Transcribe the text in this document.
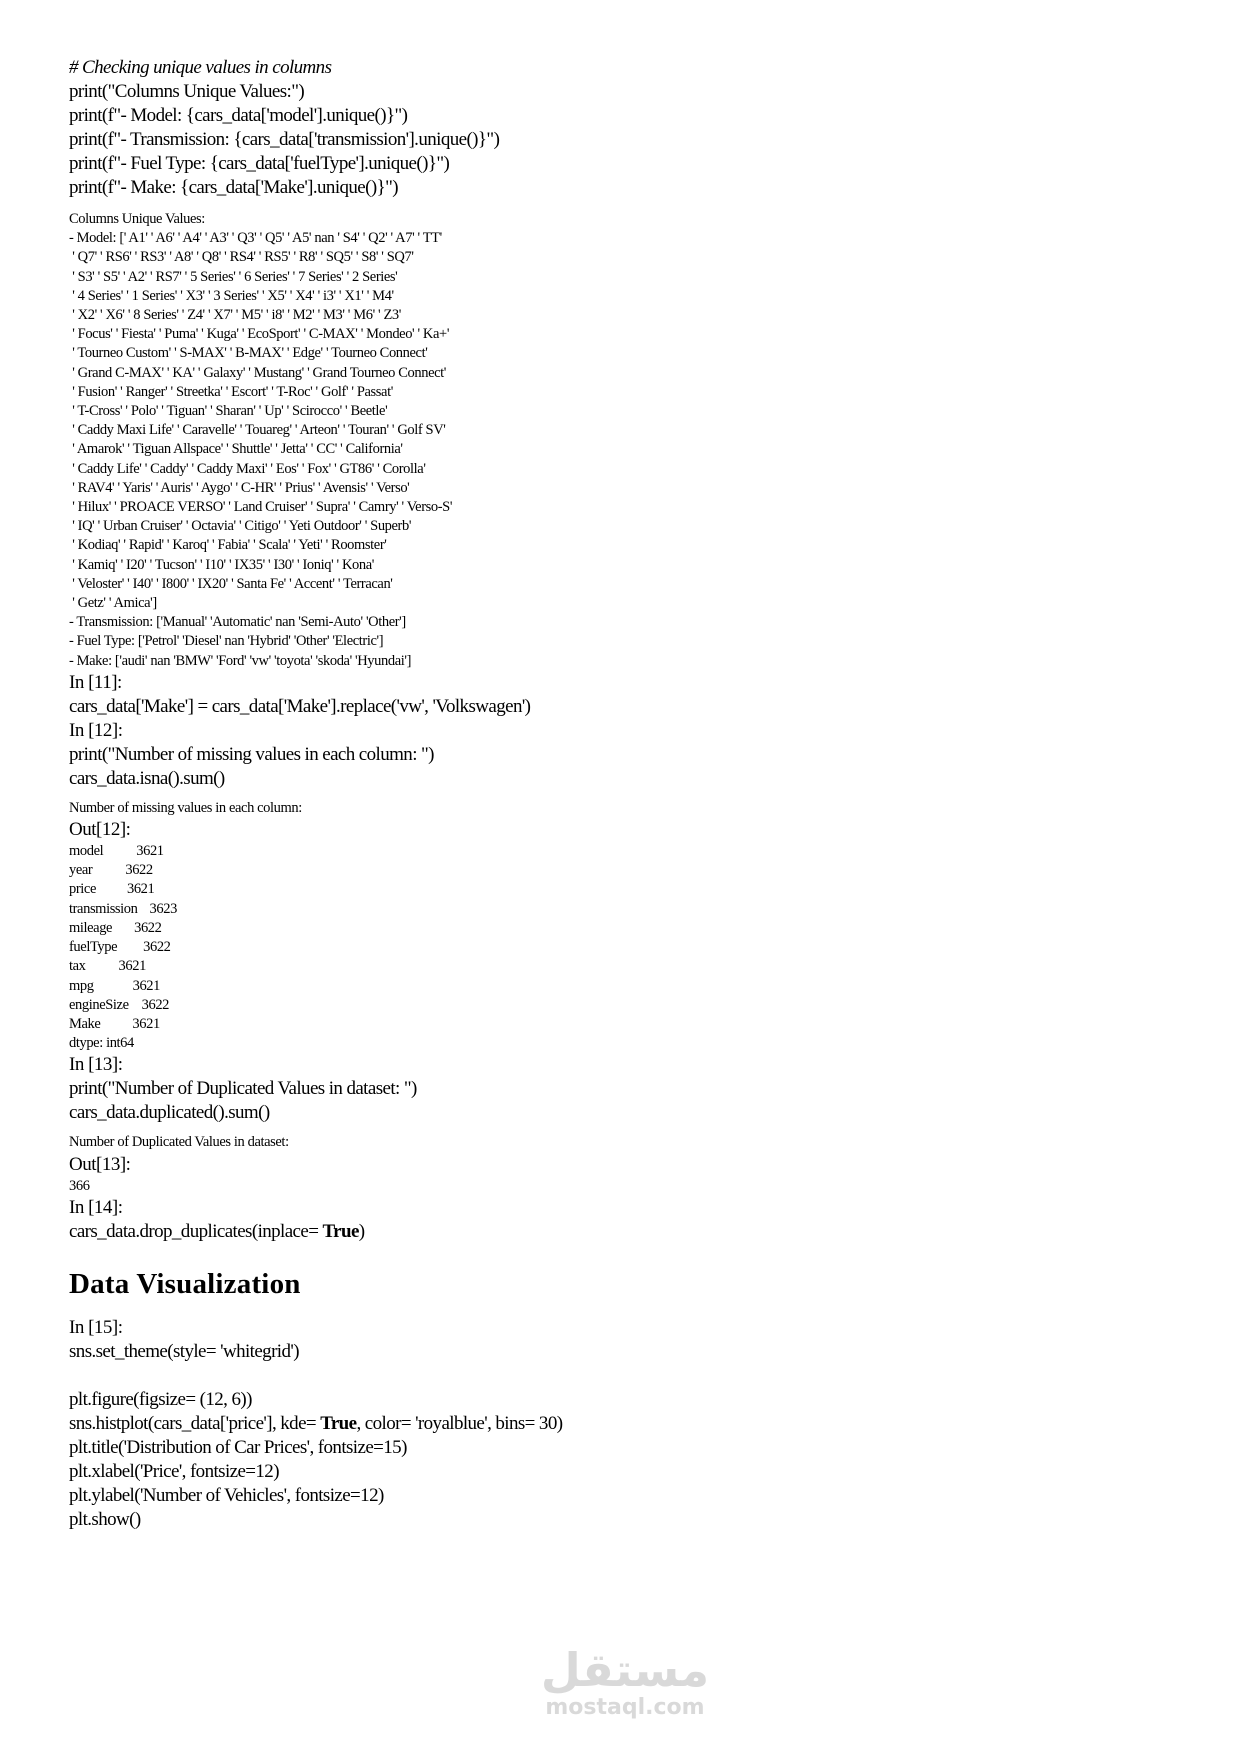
# Checking unique values in columns

print("Columns Unique Values:")

print(f"- Model: {cars_data['model'].unique()}")

print(f"- Transmission: {cars_data['transmission'].unique()}")

print(f"- Fuel Type: {cars_data['fuelType'].unique()}")

print(f"- Make: {cars_data['Make'].unique()}")

Columns Unique Values:

- Model: [' A1' ' A6' ' A4' ' A3' ' Q3' ' Q5' ' A5' nan ' S4' ' Q2' ' A7' ' TT'

' Q7' ' RS6' ' RS3' ' A8' ' Q8' ' RS4' ' RS5' ' R8' ' SQ5' ' S8' ' SQ7'

' S3' ' S5' ' A2' ' RS7' ' 5 Series' ' 6 Series' ' 7 Series' ' 2 Series'

' 4 Series' ' 1 Series' ' X3' ' 3 Series' ' X5' ' X4' ' i3' ' X1' ' M4'

' X2' ' X6' ' 8 Series' ' Z4' ' X7' ' M5' ' i8' ' M2' ' M3' ' M6' ' Z3'

' Focus' ' Fiesta' ' Puma' ' Kuga' ' EcoSport' ' C-MAX' ' Mondeo' ' Ka+'

' Tourneo Custom' ' S-MAX' ' B-MAX' ' Edge' ' Tourneo Connect'

' Grand C-MAX' ' KA' ' Galaxy' ' Mustang' ' Grand Tourneo Connect'

' Fusion' ' Ranger' ' Streetka' ' Escort' ' T-Roc' ' Golf' ' Passat'

' T-Cross' ' Polo' ' Tiguan' ' Sharan' ' Up' ' Scirocco' ' Beetle'

' Caddy Maxi Life' ' Caravelle' ' Touareg' ' Arteon' ' Touran' ' Golf SV'

' Amarok' ' Tiguan Allspace' ' Shuttle' ' Jetta' ' CC' ' California'

' Caddy Life' ' Caddy' ' Caddy Maxi' ' Eos' ' Fox' ' GT86' ' Corolla'

' RAV4' ' Yaris' ' Auris' ' Aygo' ' C-HR' ' Prius' ' Avensis' ' Verso'

' Hilux' ' PROACE VERSO' ' Land Cruiser' ' Supra' ' Camry' ' Verso-S'

' IQ' ' Urban Cruiser' ' Octavia' ' Citigo' ' Yeti Outdoor' ' Superb'

' Kodiaq' ' Rapid' ' Karoq' ' Fabia' ' Scala' ' Yeti' ' Roomster'

' Kamiq' ' I20' ' Tucson' ' I10' ' IX35' ' I30' ' Ioniq' ' Kona'

' Veloster' ' I40' ' I800' ' IX20' ' Santa Fe' ' Accent' ' Terracan'

' Getz' ' Amica']

- Transmission: ['Manual' 'Automatic' nan 'Semi-Auto' 'Other']

- Fuel Type: ['Petrol' 'Diesel' nan 'Hybrid' 'Other' 'Electric']

- Make: ['audi' nan 'BMW' 'Ford' 'vw' 'toyota' 'skoda' 'Hyundai']

In [11]:

cars_data['Make'] = cars_data['Make'].replace('vw', 'Volkswagen')

In [12]:

print("Number of missing values in each column: ")

cars_data.isna().sum()

Number of missing values in each column:

Out[12]:

model 3621
year 3622
price 3621
transmission 3623
mileage 3622
fuelType 3622
tax 3621
mpg	3621
engineSize 3622
Make 3621

dtype: int64

In [13]:

print("Number of Duplicated Values in dataset: ")

cars_data.duplicated().sum()

Number of Duplicated Values in dataset:

Out[13]:

366

In [14]:

cars_data.drop_duplicates(inplace= True)

Data Visualization

In [15]:

sns.set_theme(style= 'whitegrid')

plt.figure(figsize= (12, 6))

sns.histplot(cars_data['price'], kde= True, color= 'royalblue', bins= 30)

plt.title('Distribution of Car Prices', fontsize=15)

plt.xlabel('Price', fontsize=12)

plt.ylabel('Number of Vehicles', fontsize=12)

plt.show()

مستقل
mostaql.com
